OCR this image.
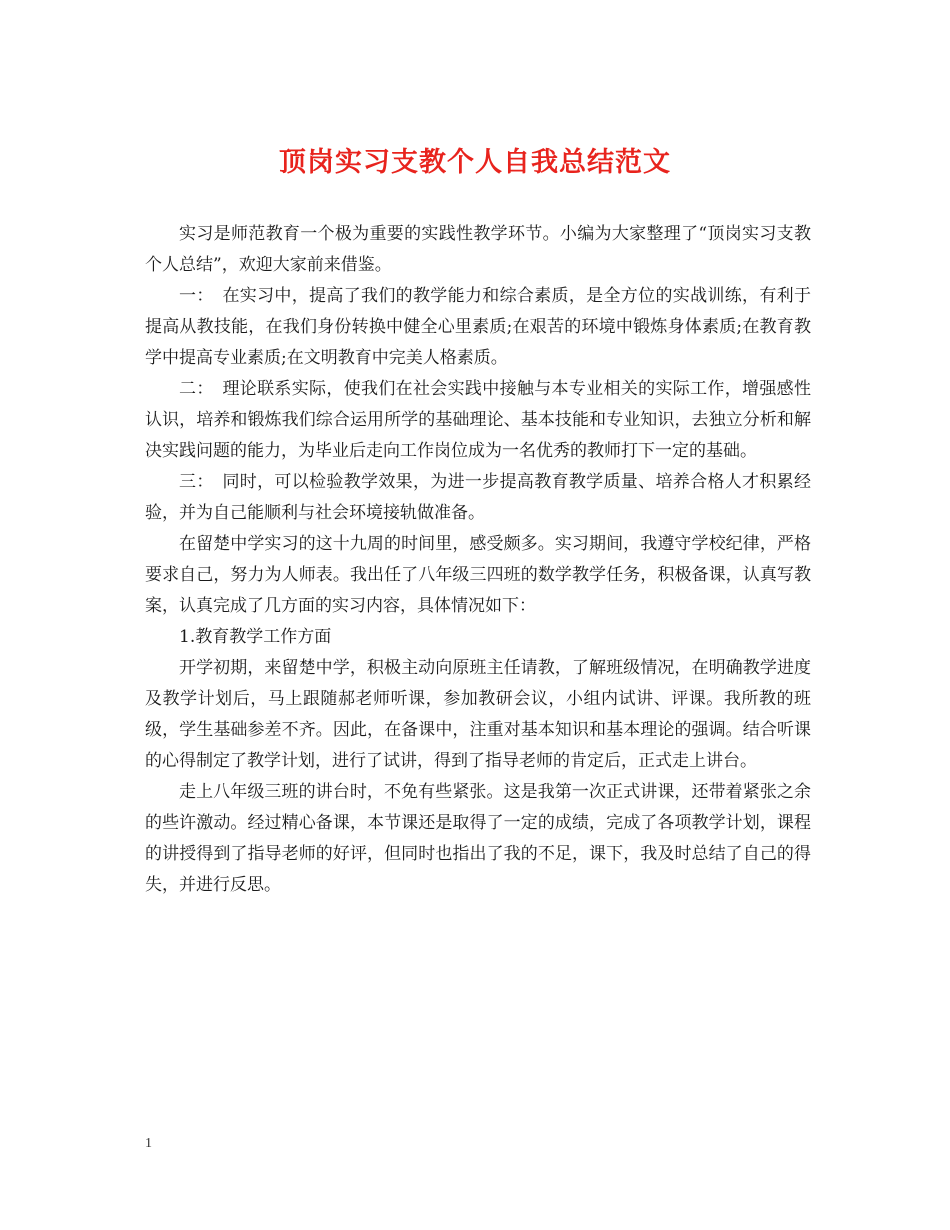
顶岗实习支教个人自我总结范文

实习是师范教育一个极为重要的实践性教学环节。小编为大家整理了“顶岗实习支教个人总结”，欢迎大家前来借鉴。

一：　在实习中，提高了我们的教学能力和综合素质，是全方位的实战训练，有利于提高从教技能，在我们身份转换中健全心里素质;在艰苦的环境中锻炼身体素质;在教育教学中提高专业素质;在文明教育中完美人格素质。

二：　理论联系实际，使我们在社会实践中接触与本专业相关的实际工作，增强感性认识，培养和锻炼我们综合运用所学的基础理论、基本技能和专业知识，去独立分析和解决实践问题的能力，为毕业后走向工作岗位成为一名优秀的教师打下一定的基础。

三：　同时，可以检验教学效果，为进一步提高教育教学质量、培养合格人才积累经验，并为自己能顺利与社会环境接轨做准备。

在留楚中学实习的这十九周的时间里，感受颇多。实习期间，我遵守学校纪律，严格要求自己，努力为人师表。我出任了八年级三四班的数学教学任务，积极备课，认真写教案，认真完成了几方面的实习内容，具体情况如下：

1.教育教学工作方面

开学初期，来留楚中学，积极主动向原班主任请教，了解班级情况，在明确教学进度及教学计划后，马上跟随郝老师听课，参加教研会议，小组内试讲、评课。我所教的班级，学生基础参差不齐。因此，在备课中，注重对基本知识和基本理论的强调。结合听课的心得制定了教学计划，进行了试讲，得到了指导老师的肯定后，正式走上讲台。

走上八年级三班的讲台时，不免有些紧张。这是我第一次正式讲课，还带着紧张之余的些许激动。经过精心备课，本节课还是取得了一定的成绩，完成了各项教学计划，课程的讲授得到了指导老师的好评，但同时也指出了我的不足，课下，我及时总结了自己的得失，并进行反思。

1
